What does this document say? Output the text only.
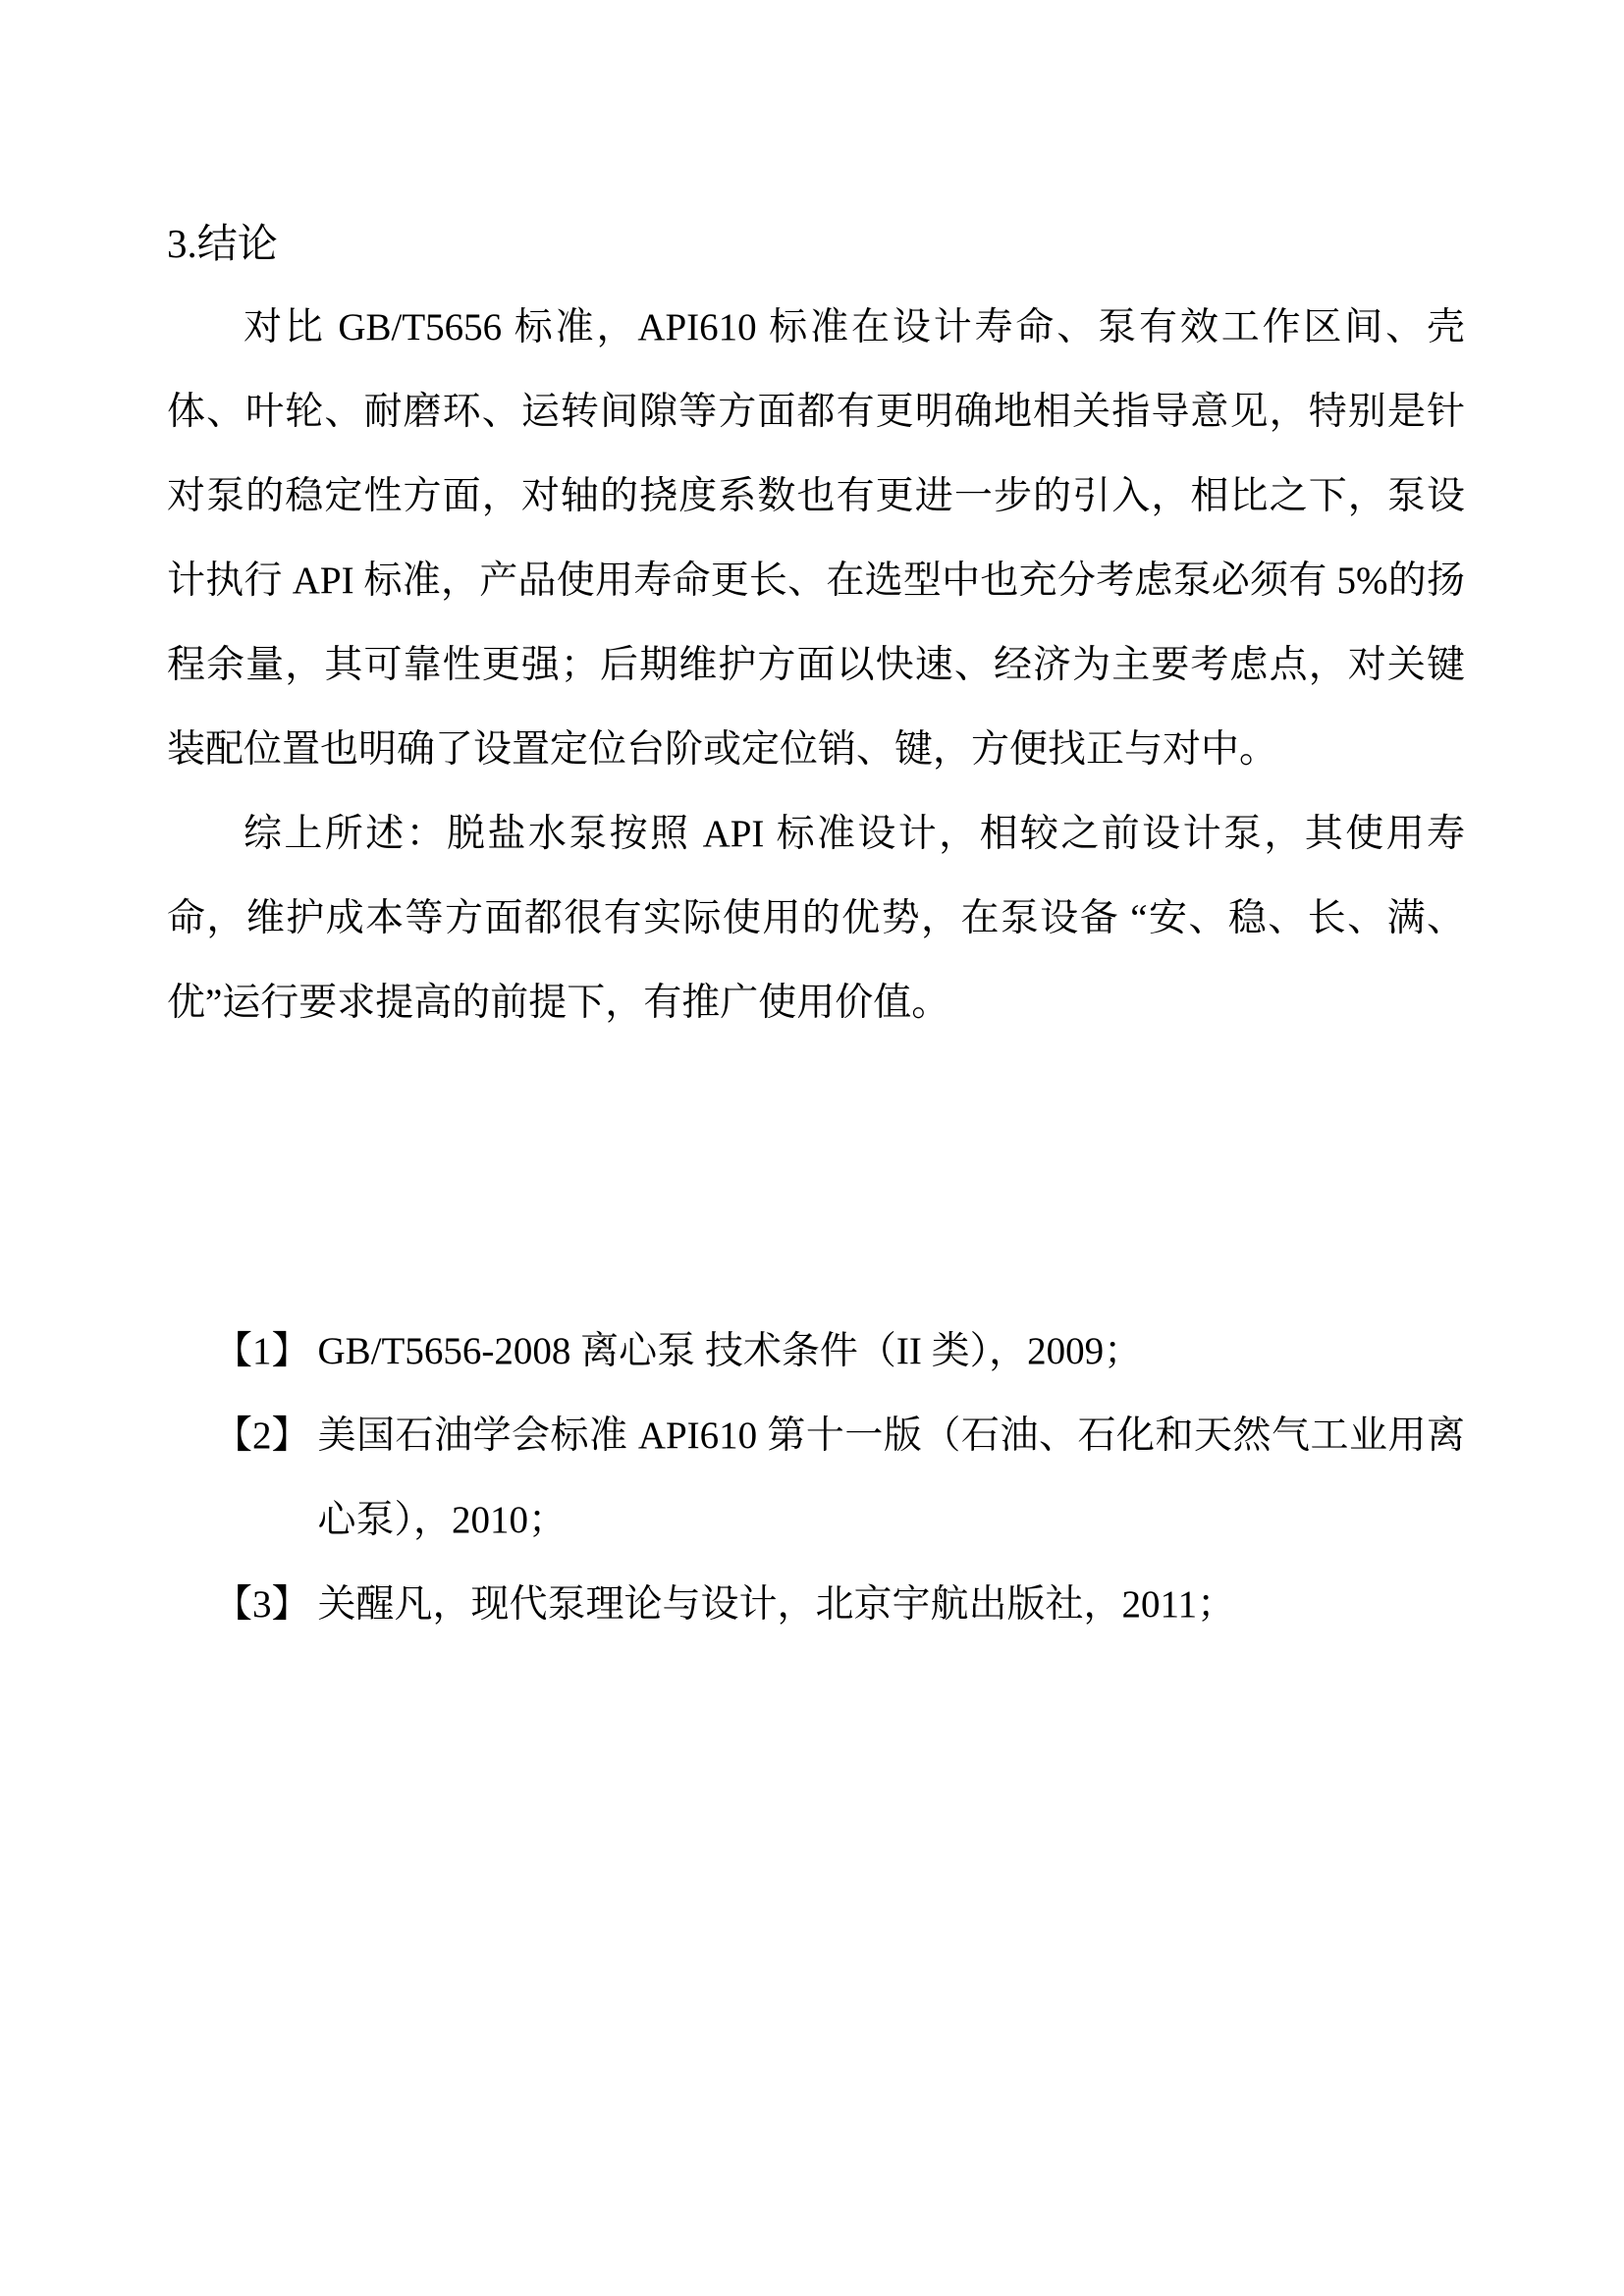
3.结论

对比 GB/T5656 标准，API610 标准在设计寿命、泵有效工作区间、壳体、叶轮、耐磨环、运转间隙等方面都有更明确地相关指导意见，特别是针对泵的稳定性方面，对轴的挠度系数也有更进一步的引入，相比之下，泵设计执行 API 标准，产品使用寿命更长、在选型中也充分考虑泵必须有 5%的扬程余量，其可靠性更强；后期维护方面以快速、经济为主要考虑点，对关键装配位置也明确了设置定位台阶或定位销、键，方便找正与对中。

综上所述：脱盐水泵按照 API 标准设计，相较之前设计泵，其使用寿命，维护成本等方面都很有实际使用的优势，在泵设备 “安、稳、长、满、优”运行要求提高的前提下，有推广使用价值。

【1】 GB/T5656-2008 离心泵 技术条件（II 类），2009；
【2】 美国石油学会标准 API610 第十一版（石油、石化和天然气工业用离心泵），2010；
【3】 关醒凡，现代泵理论与设计，北京宇航出版社，2011；
